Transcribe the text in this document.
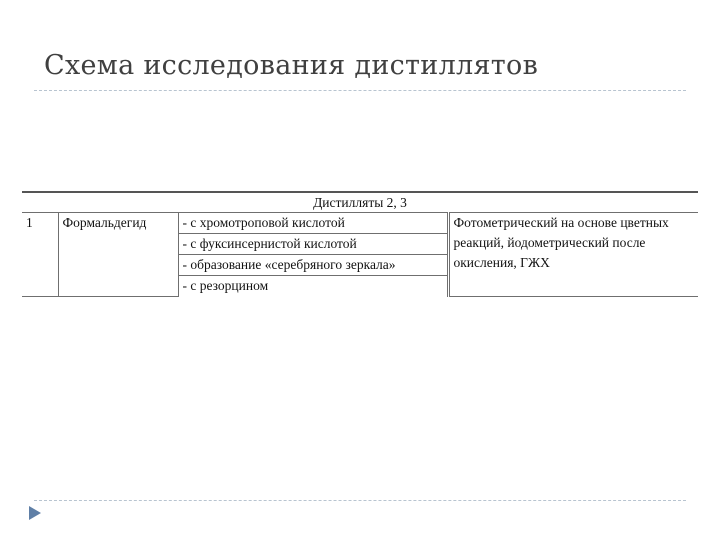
Схема исследования дистиллятов
Дистилляты 2, 3
1	Формальдегид	- с хромотроповой кислотой	Фотометрический на основе цветных реакций, йодометрический после окисления, ГЖХ
- с фуксинсернистой кислотой
- образование «серебряного зеркала»
- с резорцином
